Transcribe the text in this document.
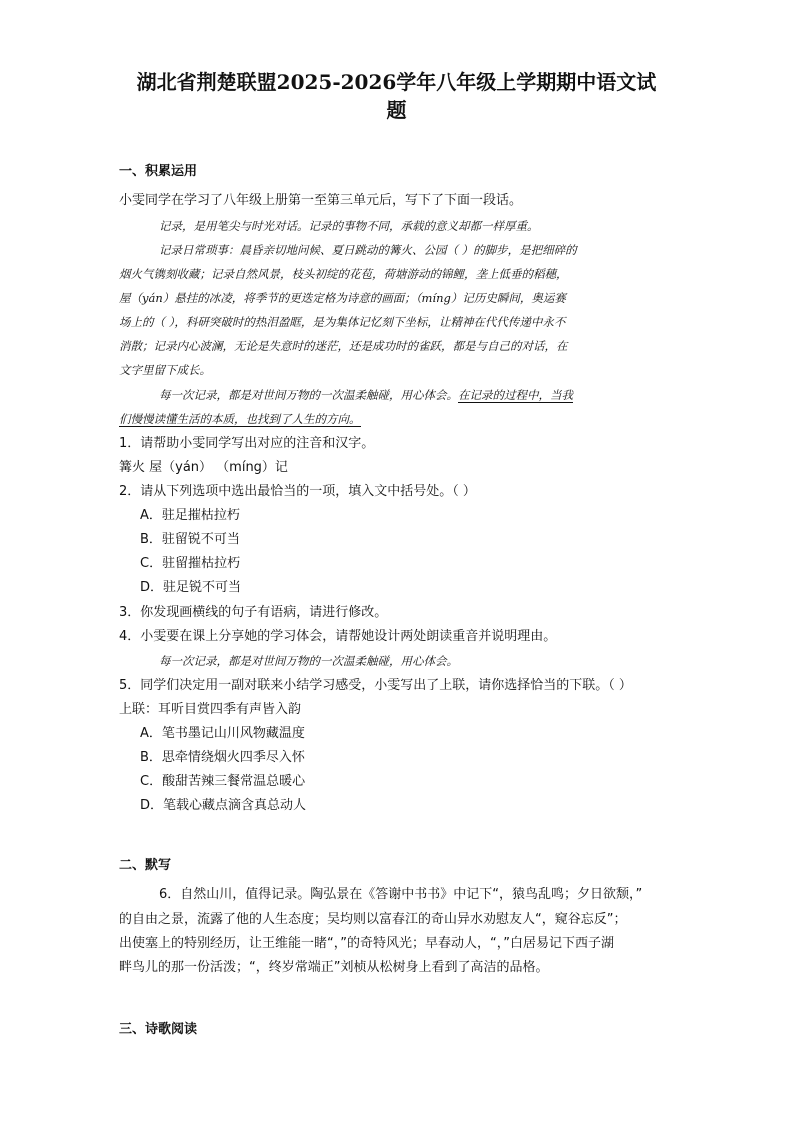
湖北省荆楚联盟2025-2026学年八年级上学期期中语文试
题
一、积累运用
小雯同学在学习了八年级上册第一至第三单元后，写下了下面一段话。
记录，是用笔尖与时光对话。记录的事物不同，承载的意义却都一样厚重。
记录日常琐事：晨昏亲切地问候、夏日跳动的篝火、公园（ ）的脚步，是把细碎的
烟火气镌刻收藏；记录自然风景，枝头初绽的花苞，荷塘游动的锦鲤，垄上低垂的稻穗，
屋（yán）悬挂的冰凌，将季节的更迭定格为诗意的画面；（míng）记历史瞬间，奥运赛
场上的（ ），科研突破时的热泪盈眶，是为集体记忆刻下坐标，让精神在代代传递中永不
消散；记录内心波澜，无论是失意时的迷茫，还是成功时的雀跃，都是与自己的对话，在
文字里留下成长。
每一次记录，都是对世间万物的一次温柔触碰，用心体会。在记录的过程中，当我
们慢慢读懂生活的本质，也找到了人生的方向。
1．请帮助小雯同学写出对应的注音和汉字。
篝火 屋（yán） （míng）记
2．请从下列选项中选出最恰当的一项，填入文中括号处。（ ）
A．驻足摧枯拉朽
B．驻留锐不可当
C．驻留摧枯拉朽
D．驻足锐不可当
3．你发现画横线的句子有语病，请进行修改。
4．小雯要在课上分享她的学习体会，请帮她设计两处朗读重音并说明理由。
每一次记录，都是对世间万物的一次温柔触碰，用心体会。
5．同学们决定用一副对联来小结学习感受，小雯写出了上联，请你选择恰当的下联。（ ）
上联：耳听目赏四季有声皆入韵
A．笔书墨记山川风物藏温度
B．思牵情绕烟火四季尽入怀
C．酸甜苦辣三餐常温总暖心
D．笔载心藏点滴含真总动人
二、默写
6．自然山川，值得记录。陶弘景在《答谢中书书》中记下“，猿鸟乱鸣；夕日欲颓，”
的自由之景，流露了他的人生态度；吴均则以富春江的奇山异水劝慰友人“，窥谷忘反”；
出使塞上的特别经历，让王维能一睹“，”的奇特风光；早春动人，“，”白居易记下西子湖
畔鸟儿的那一份活泼；“，终岁常端正”刘桢从松树身上看到了高洁的品格。
三、诗歌阅读
